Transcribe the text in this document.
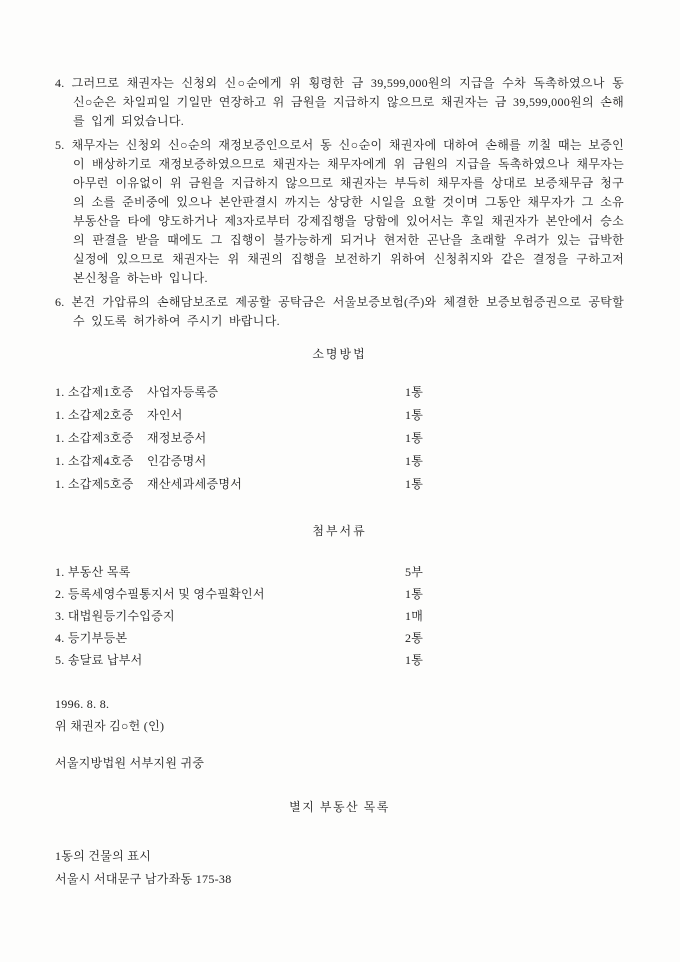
4. 그러므로 채권자는 신청외 신○순에게 위 횡령한 금 39,599,000원의 지급을 수차 독촉하였으나 동 신○순은 차일피일 기일만 연장하고 위 금원을 지급하지 않으므로 채권자는 금 39,599,000원의 손해를 입게 되었습니다.

5. 채무자는 신청외 신○순의 재정보증인으로서 동 신○순이 채권자에 대하여 손해를 끼칠 때는 보증인이 배상하기로 재정보증하였으므로 채권자는 채무자에게 위 금원의 지급을 독촉하였으나 채무자는 아무런 이유없이 위 금원을 지급하지 않으므로 채권자는 부득히 채무자를 상대로 보증채무금 청구의 소를 준비중에 있으나 본안판결시 까지는 상당한 시일을 요할 것이며 그동안 채무자가 그 소유부동산을 타에 양도하거나 제3자로부터 강제집행을 당함에 있어서는 후일 채권자가 본안에서 승소의 판결을 받을 때에도 그 집행이 불가능하게 되거나 현저한 곤난을 초래할 우려가 있는 급박한 실정에 있으므로 채권자는 위 채권의 집행을 보전하기 위하여 신청취지와 같은 결정을 구하고저 본신청을 하는바 입니다.

6. 본건 가압류의 손해담보조로 제공할 공탁금은 서울보증보험(주)와 체결한 보증보험증권으로 공탁할 수 있도록 허가하여 주시기 바랍니다.

소명방법
1. 소갑제1호증	사업자등록증	1통
1. 소갑제2호증	자인서	1통
1. 소갑제3호증	재정보증서	1통
1. 소갑제4호증	인감증명서	1통
1. 소갑제5호증	재산세과세증명서	1통
첨부서류
1. 부동산 목록	5부
2. 등록세영수필통지서 및 영수필확인서	1통
3. 대법원등기수입증지	1매
4. 등기부등본	2통
5. 송달료 납부서	1통

1996. 8. 8.

위 채권자 김○헌 (인)

서울지방법원 서부지원 귀중

별지 부동산 목록

1동의 건물의 표시

서울시 서대문구 남가좌동 175-38
